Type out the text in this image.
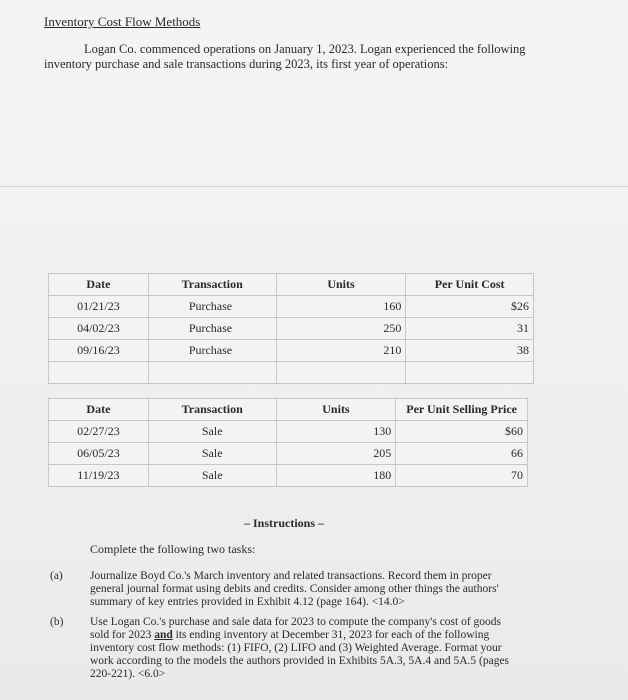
Inventory Cost Flow Methods
Logan Co. commenced operations on January 1, 2023. Logan experienced the following
inventory purchase and sale transactions during 2023, its first year of operations:
Date	Transaction	Units	Per Unit Cost
01/21/23	Purchase	160	$26
04/02/23	Purchase	250	31
09/16/23	Purchase	210	38

Date	Transaction	Units	Per Unit Selling Price
02/27/23	Sale	130	$60
06/05/23	Sale	205	66
11/19/23	Sale	180	70
– Instructions –
Complete the following two tasks:
(a) Journalize Boyd Co.'s March inventory and related transactions. Record them in proper general journal format using debits and credits. Consider among other things the authors' summary of key entries provided in Exhibit 4.12 (page 164). <14.0>
(b) Use Logan Co.'s purchase and sale data for 2023 to compute the company's cost of goods sold for 2023 and its ending inventory at December 31, 2023 for each of the following inventory cost flow methods: (1) FIFO, (2) LIFO and (3) Weighted Average. Format your work according to the models the authors provided in Exhibits 5A.3, 5A.4 and 5A.5 (pages 220-221). <6.0>
